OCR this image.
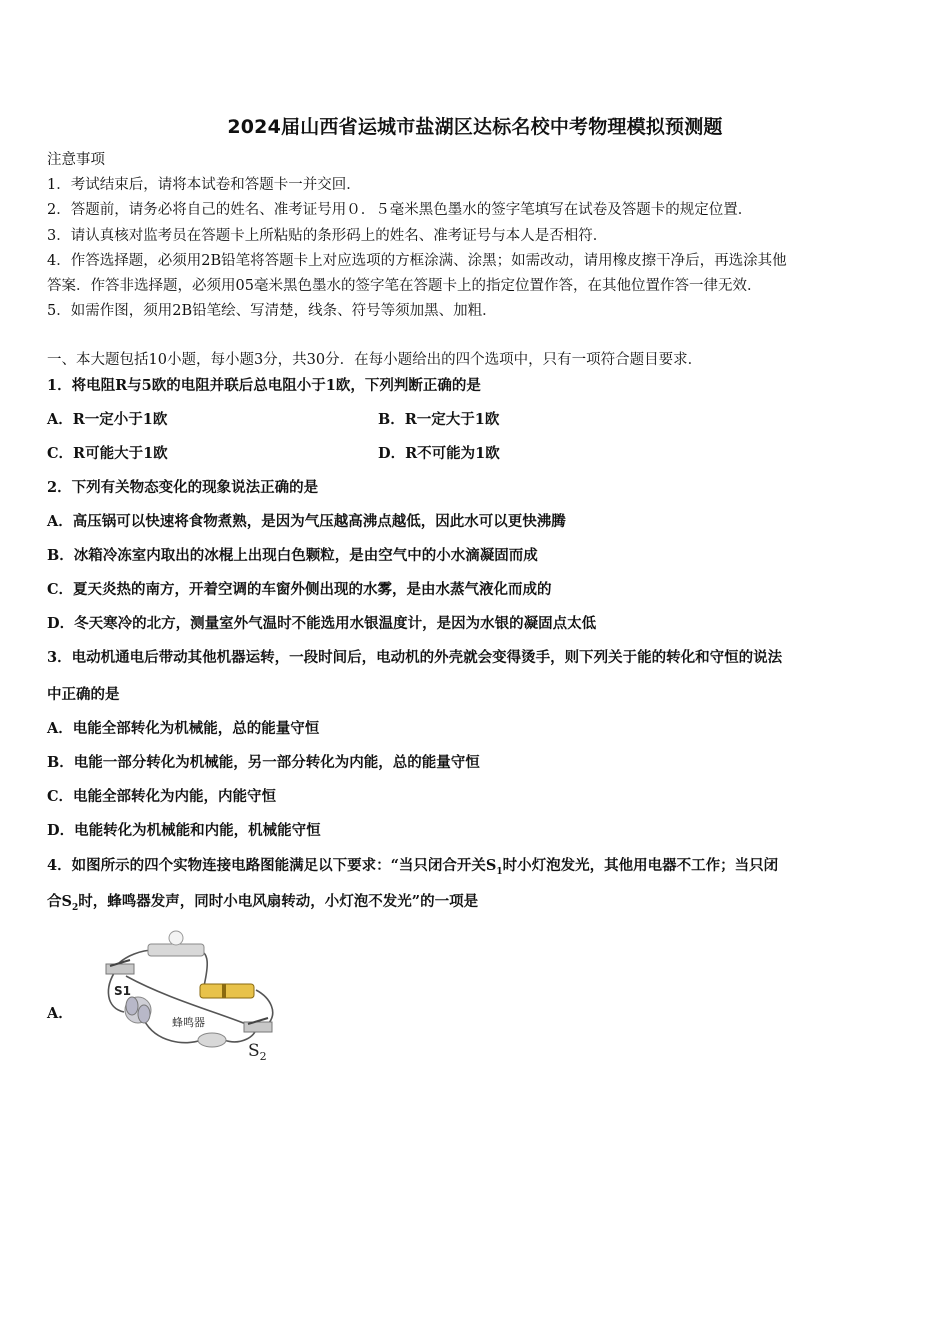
2024届山西省运城市盐湖区达标名校中考物理模拟预测题
注意事项
1．考试结束后，请将本试卷和答题卡一并交回．
2．答题前，请务必将自己的姓名、准考证号用０．５毫米黑色墨水的签字笔填写在试卷及答题卡的规定位置．
3．请认真核对监考员在答题卡上所粘贴的条形码上的姓名、准考证号与本人是否相符．
4．作答选择题，必须用2B铅笔将答题卡上对应选项的方框涂满、涂黑；如需改动，请用橡皮擦干净后，再选涂其他
答案．作答非选择题，必须用05毫米黑色墨水的签字笔在答题卡上的指定位置作答，在其他位置作答一律无效．
5．如需作图，须用2B铅笔绘、写清楚，线条、符号等须加黑、加粗．
一、本大题包括10小题，每小题3分，共30分．在每小题给出的四个选项中，只有一项符合题目要求．
1．将电阻R与5欧的电阻并联后总电阻小于1欧，下列判断正确的是
A．R一定小于1欧	B．R一定大于1欧
C．R可能大于1欧	D．R不可能为1欧
2．下列有关物态变化的现象说法正确的是
A．高压锅可以快速将食物煮熟，是因为气压越高沸点越低，因此水可以更快沸腾
B．冰箱冷冻室内取出的冰棍上出现白色颗粒，是由空气中的小水滴凝固而成
C．夏天炎热的南方，开着空调的车窗外侧出现的水雾，是由水蒸气液化而成的
D．冬天寒冷的北方，测量室外气温时不能选用水银温度计，是因为水银的凝固点太低
3．电动机通电后带动其他机器运转，一段时间后，电动机的外壳就会变得烫手，则下列关于能的转化和守恒的说法
中正确的是
A．电能全部转化为机械能，总的能量守恒
B．电能一部分转化为机械能，另一部分转化为内能，总的能量守恒
C．电能全部转化为内能，内能守恒
D．电能转化为机械能和内能，机械能守恒
4．如图所示的四个实物连接电路图能满足以下要求：“当只闭合开关$S_1$时小灯泡发光，其他用电器不工作；当只闭
合$S_2$时，蜂鸣器发声，同时小电风扇转动，小灯泡不发光”的一项是
A．
S1
蜂鸣器
$S_2$
